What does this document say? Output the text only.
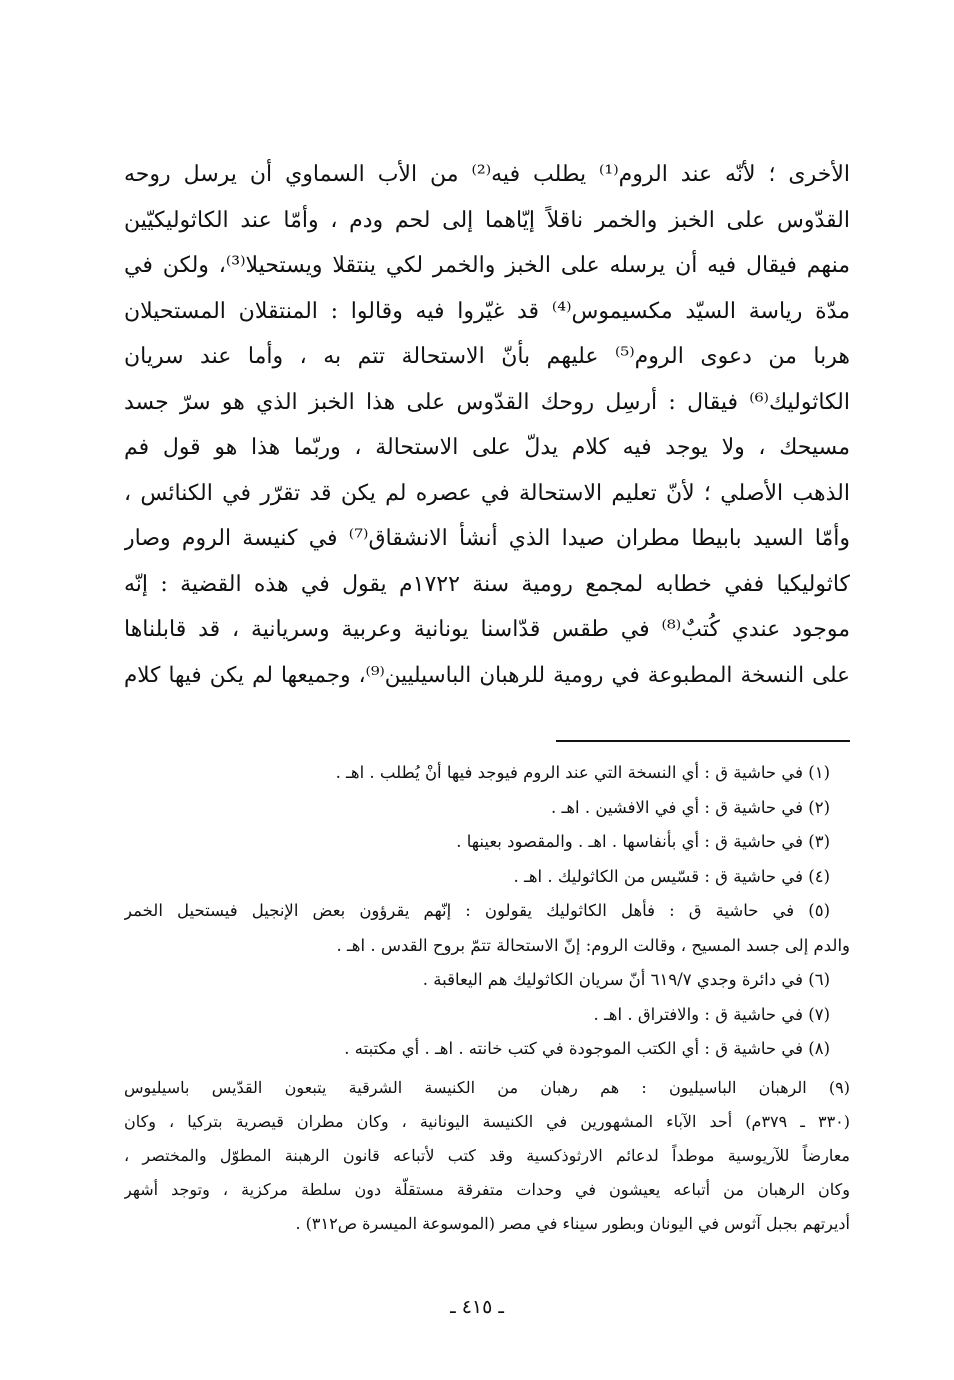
الأخرى ؛ لأنّه عند الروم⁽¹⁾ يطلب فيه⁽²⁾ من الأب السماوي أن يرسل روحه
القدّوس على الخبز والخمر ناقلاً إيّاهما إلى لحم ودم ، وأمّا عند الكاثوليكيّين
منهم فيقال فيه أن يرسله على الخبز والخمر لكي ينتقلا ويستحيلا⁽³⁾، ولكن في
مدّة رياسة السيّد مكسيموس⁽⁴⁾ قد غيّروا فيه وقالوا : المنتقلان المستحيلان
هربا من دعوى الروم⁽⁵⁾ عليهم بأنّ الاستحالة تتم به ، وأما عند سريان
الكاثوليك⁽⁶⁾ فيقال : أرسِل روحك القدّوس على هذا الخبز الذي هو سرّ جسد
مسيحك ، ولا يوجد فيه كلام يدلّ على الاستحالة ، وربّما هذا هو قول فم
الذهب الأصلي ؛ لأنّ تعليم الاستحالة في عصره لم يكن قد تقرّر في الكنائس ،
وأمّا السيد بابيطا مطران صيدا الذي أنشأ الانشقاق⁽⁷⁾ في كنيسة الروم وصار
كاثوليكيا ففي خطابه لمجمع رومية سنة ١٧٢٢م يقول في هذه القضية : إنّه
موجود عندي كُتبٌ⁽⁸⁾ في طقس قدّاسنا يونانية وعربية وسريانية ، قد قابلناها
على النسخة المطبوعة في رومية للرهبان الباسيليين⁽⁹⁾، وجميعها لم يكن فيها كلام
(١) في حاشية ق : أي النسخة التي عند الروم فيوجد فيها أنْ يُطلب . اهـ .
(٢) في حاشية ق : أي في الافشين . اهـ .
(٣) في حاشية ق : أي بأنفاسها . اهـ . والمقصود بعينها .
(٤) في حاشية ق : قسّيس من الكاثوليك . اهـ .
(٥) في حاشية ق : فأهل الكاثوليك يقولون : إنّهم يقرؤون بعض الإنجيل فيستحيل الخمر
والدم إلى جسد المسيح ، وقالت الروم: إنّ الاستحالة تتمّ بروح القدس . اهـ .
(٦) في دائرة وجدي ٦١٩/٧ أنّ سريان الكاثوليك هم اليعاقبة .
(٧) في حاشية ق : والافتراق . اهـ .
(٨) في حاشية ق : أي الكتب الموجودة في كتب خانته . اهـ . أي مكتبته .
(٩) الرهبان الباسيليون : هم رهبان من الكنيسة الشرقية يتبعون القدّيس باسيليوس
(٣٣٠ ـ ٣٧٩م) أحد الآباء المشهورين في الكنيسة اليونانية ، وكان مطران قيصرية بتركيا ، وكان
معارضاً للآريوسية موطداً لدعائم الارثوذكسية وقد كتب لأتباعه قانون الرهبنة المطوّل والمختصر ،
وكان الرهبان من أتباعه يعيشون في وحدات متفرقة مستقلّة دون سلطة مركزية ، وتوجد أشهر
أديرتهم بجبل آثوس في اليونان وبطور سيناء في مصر (الموسوعة الميسرة ص٣١٢) .
ـ ٤١٥ ـ
